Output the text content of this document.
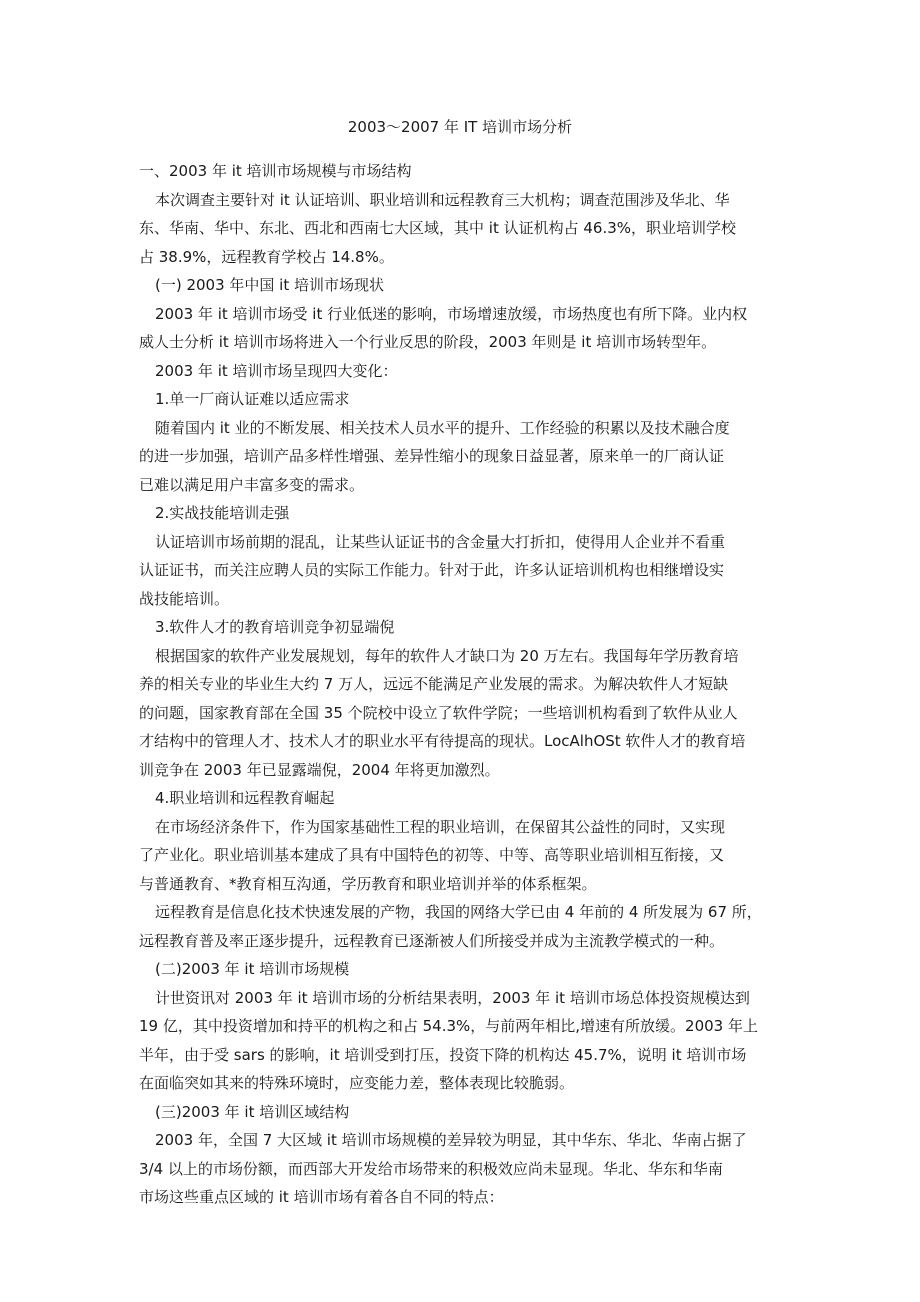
2003～2007 年 IT 培训市场分析
一、2003 年 it 培训市场规模与市场结构
本次调查主要针对 it 认证培训、职业培训和远程教育三大机构；调查范围涉及华北、华
东、华南、华中、东北、西北和西南七大区域，其中 it 认证机构占 46.3%，职业培训学校
占 38.9%，远程教育学校占 14.8%。
(一) 2003 年中国 it 培训市场现状
2003 年 it 培训市场受 it 行业低迷的影响，市场增速放缓，市场热度也有所下降。业内权
威人士分析 it 培训市场将进入一个行业反思的阶段，2003 年则是 it 培训市场转型年。
2003 年 it 培训市场呈现四大变化：
1.单一厂商认证难以适应需求
随着国内 it 业的不断发展、相关技术人员水平的提升、工作经验的积累以及技术融合度
的进一步加强，培训产品多样性增强、差异性缩小的现象日益显著，原来单一的厂商认证
已难以满足用户丰富多变的需求。
2.实战技能培训走强
认证培训市场前期的混乱，让某些认证证书的含金量大打折扣，使得用人企业并不看重
认证证书，而关注应聘人员的实际工作能力。针对于此，许多认证培训机构也相继增设实
战技能培训。
3.软件人才的教育培训竞争初显端倪
根据国家的软件产业发展规划，每年的软件人才缺口为 20 万左右。我国每年学历教育培
养的相关专业的毕业生大约 7 万人，远远不能满足产业发展的需求。为解决软件人才短缺
的问题，国家教育部在全国 35 个院校中设立了软件学院；一些培训机构看到了软件从业人
才结构中的管理人才、技术人才的职业水平有待提高的现状。LocAlhOSt 软件人才的教育培
训竞争在 2003 年已显露端倪，2004 年将更加激烈。
4.职业培训和远程教育崛起
在市场经济条件下，作为国家基础性工程的职业培训，在保留其公益性的同时，又实现
了产业化。职业培训基本建成了具有中国特色的初等、中等、高等职业培训相互衔接，又
与普通教育、*教育相互沟通，学历教育和职业培训并举的体系框架。
远程教育是信息化技术快速发展的产物，我国的网络大学已由 4 年前的 4 所发展为 67 所，
远程教育普及率正逐步提升，远程教育已逐渐被人们所接受并成为主流教学模式的一种。
(二)2003 年 it 培训市场规模
计世资讯对 2003 年 it 培训市场的分析结果表明，2003 年 it 培训市场总体投资规模达到
19 亿，其中投资增加和持平的机构之和占 54.3%，与前两年相比,增速有所放缓。2003 年上
半年，由于受 sars 的影响，it 培训受到打压，投资下降的机构达 45.7%，说明 it 培训市场
在面临突如其来的特殊环境时，应变能力差，整体表现比较脆弱。
(三)2003 年 it 培训区域结构
2003 年，全国 7 大区域 it 培训市场规模的差异较为明显，其中华东、华北、华南占据了
3/4 以上的市场份额，而西部大开发给市场带来的积极效应尚未显现。华北、华东和华南
市场这些重点区域的 it 培训市场有着各自不同的特点：
